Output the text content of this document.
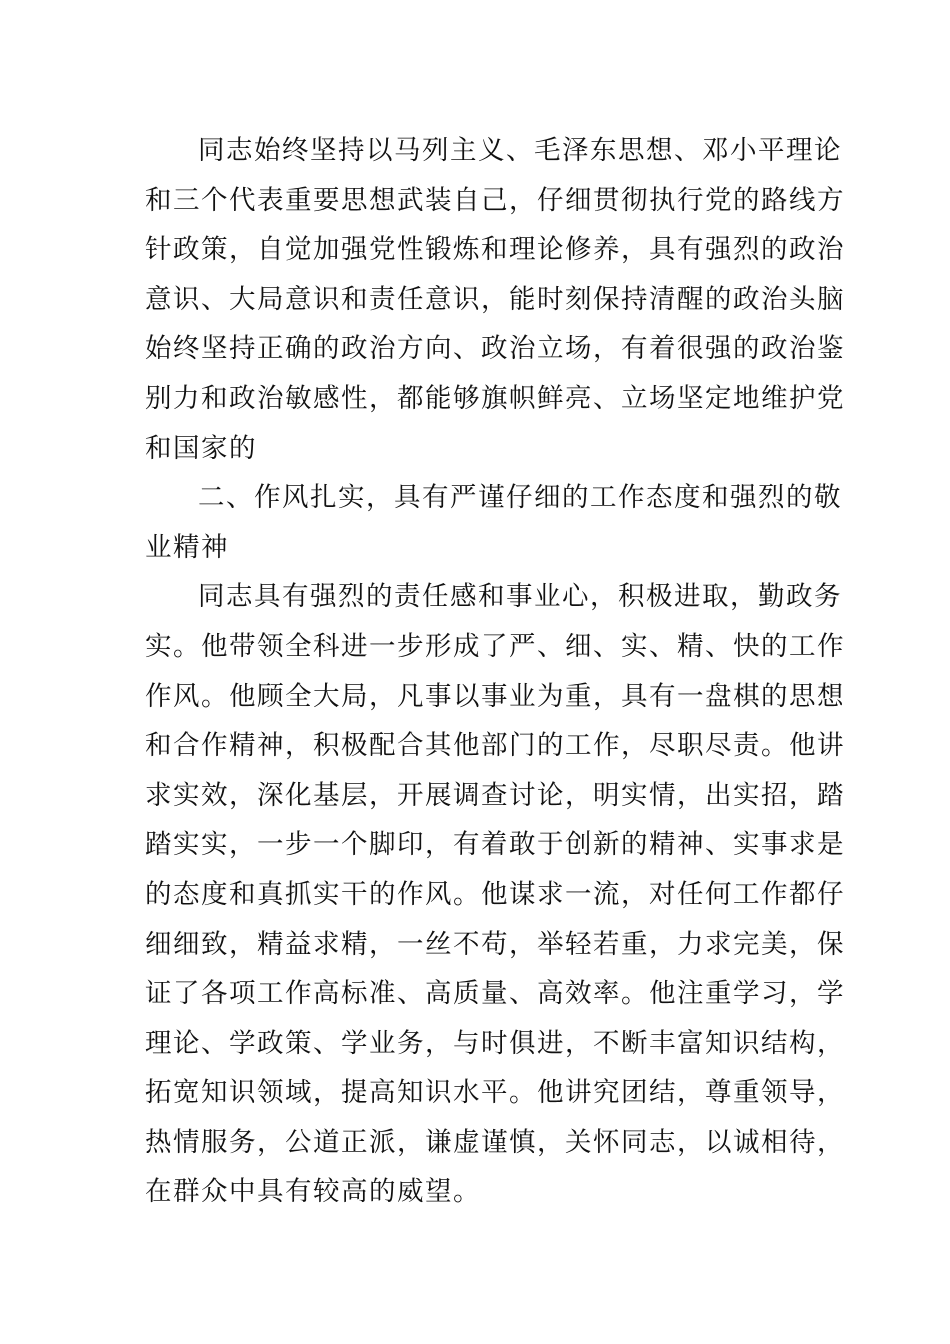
同志始终坚持以马列主义、毛泽东思想、邓小平理论
和三个代表重要思想武装自己，仔细贯彻执行党的路线方
针政策，自觉加强党性锻炼和理论修养，具有强烈的政治
意识、大局意识和责任意识，能时刻保持清醒的政治头脑
始终坚持正确的政治方向、政治立场，有着很强的政治鉴
别力和政治敏感性，都能够旗帜鲜亮、立场坚定地维护党
和国家的

二、作风扎实，具有严谨仔细的工作态度和强烈的敬
业精神

同志具有强烈的责任感和事业心，积极进取，勤政务
实。他带领全科进一步形成了严、细、实、精、快的工作
作风。他顾全大局，凡事以事业为重，具有一盘棋的思想
和合作精神，积极配合其他部门的工作，尽职尽责。他讲
求实效，深化基层，开展调查讨论，明实情，出实招，踏
踏实实，一步一个脚印，有着敢于创新的精神、实事求是
的态度和真抓实干的作风。他谋求一流，对任何工作都仔
细细致，精益求精，一丝不苟，举轻若重，力求完美，保
证了各项工作高标准、高质量、高效率。他注重学习，学
理论、学政策、学业务，与时俱进，不断丰富知识结构，
拓宽知识领域，提高知识水平。他讲究团结，尊重领导，
热情服务，公道正派，谦虚谨慎，关怀同志，以诚相待，
在群众中具有较高的威望。
